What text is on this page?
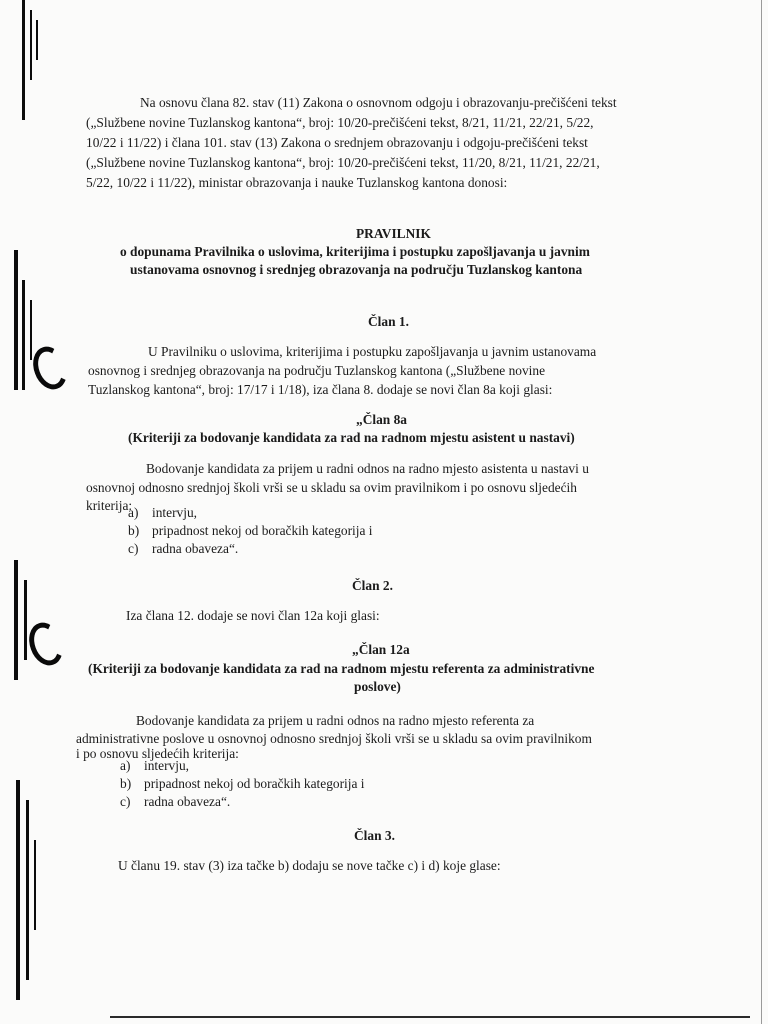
Na osnovu člana 82. stav (11) Zakona o osnovnom odgoju i obrazovanju-prečišćeni tekst
(„Službene novine Tuzlanskog kantona“, broj: 10/20-prečišćeni tekst, 8/21, 11/21, 22/21, 5/22,
10/22 i 11/22) i člana 101. stav (13) Zakona o srednjem obrazovanju i odgoju-prečišćeni tekst
(„Službene novine Tuzlanskog kantona“, broj: 10/20-prečišćeni tekst, 11/20, 8/21, 11/21, 22/21,
5/22, 10/22 i 11/22), ministar obrazovanja i nauke Tuzlanskog kantona donosi:
PRAVILNIK
o dopunama Pravilnika o uslovima, kriterijima i postupku zapošljavanja u javnim
ustanovama osnovnog i srednjeg obrazovanja na području Tuzlanskog kantona
Član 1.
U Pravilniku o uslovima, kriterijima i postupku zapošljavanja u javnim ustanovama
osnovnog i srednjeg obrazovanja na području Tuzlanskog kantona („Službene novine
Tuzlanskog kantona“, broj: 17/17 i 1/18), iza člana 8. dodaje se novi član 8a koji glasi:
„Član 8a
(Kriteriji za bodovanje kandidata za rad na radnom mjestu asistent u nastavi)
Bodovanje kandidata za prijem u radni odnos na radno mjesto asistenta u nastavi u
osnovnoj odnosno srednjoj školi vrši se u skladu sa ovim pravilnikom i po osnovu sljedećih
kriterija:
a) intervju,
b) pripadnost nekoj od boračkih kategorija i
c) radna obaveza“.
Član 2.
Iza člana 12. dodaje se novi član 12a koji glasi:
„Član 12a
(Kriteriji za bodovanje kandidata za rad na radnom mjestu referenta za administrativne
poslove)
Bodovanje kandidata za prijem u radni odnos na radno mjesto referenta za
administrativne poslove u osnovnoj odnosno srednjoj školi vrši se u skladu sa ovim pravilnikom
i po osnovu sljedećih kriterija:
a) intervju,
b) pripadnost nekoj od boračkih kategorija i
c) radna obaveza“.
Član 3.
U članu 19. stav (3) iza tačke b) dodaju se nove tačke c) i d) koje glase:
